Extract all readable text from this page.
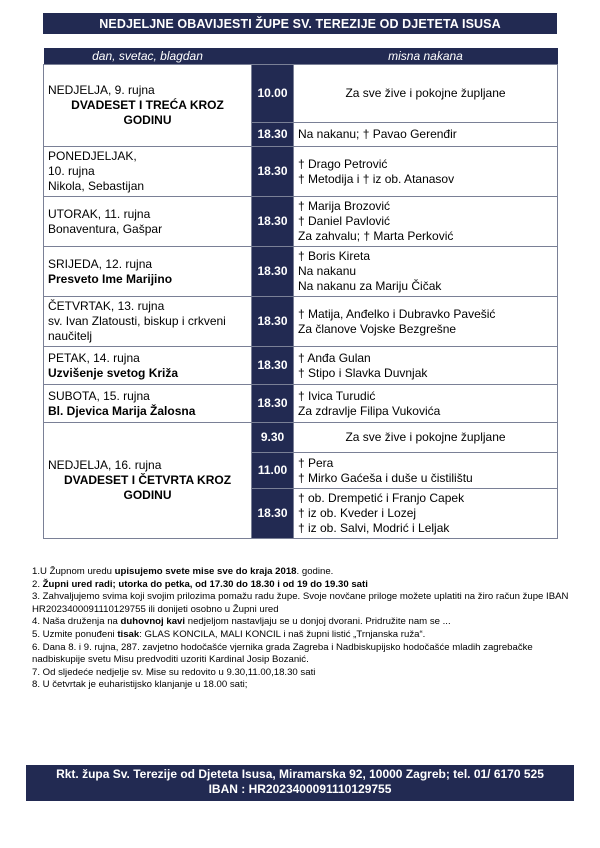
NEDJELJNE OBAVIJESTI ŽUPE SV. TEREZIJE OD DJETETA ISUSA
dan, svetac, blagdan		misna nakana
NEDJELJA, 9. rujna
DVADESET I TREĆA KROZ GODINU	10.00	Za sve žive i pokojne župljane
	18.30	Na nakanu; † Pavao Gerenđir
PONEDJELJAK,
10. rujna
Nikola, Sebastijan	18.30	† Drago Petrović
† Metodija i † iz ob. Atanasov
UTORAK, 11. rujna
Bonaventura, Gašpar	18.30	† Marija Brozović
† Daniel Pavlović
Za zahvalu; † Marta Perković
SRIJEDA, 12. rujna
Presveto Ime Marijino	18.30	† Boris Kireta
Na nakanu
Na nakanu za Mariju Čičak
ČETVRTAK, 13. rujna
sv. Ivan Zlatousti, biskup i crkveni naučitelj	18.30	† Matija, Anđelko i Dubravko Pavešić
Za članove Vojske Bezgrešne
PETAK, 14. rujna
Uzvišenje svetog Križa	18.30	† Anđa Gulan
† Stipo i Slavka Duvnjak
SUBOTA, 15. rujna
Bl. Djevica Marija Žalosna	18.30	† Ivica Turudić
Za zdravlje Filipa Vukovića
NEDJELJA, 16. rujna
DVADESET I ČETVRTA KROZ GODINU	9.30	Za sve žive i pokojne župljane
	11.00	† Pera
† Mirko Gaćeša i duše u čistilištu
	18.30	† ob. Drempetić i Franjo Capek
† iz ob. Kveder i Lozej
† iz ob. Salvi, Modrić i Leljak

1.U Župnom uredu upisujemo svete mise sve do kraja 2018. godine.

2. Župni ured radi; utorka do petka, od 17.30 do 18.30 i od 19 do 19.30 sati

3. Zahvaljujemo svima koji svojim prilozima pomažu radu župe. Svoje novčane priloge možete uplatiti na žiro račun župe IBAN HR2023400091110129755 ili donijeti osobno u Župni ured

4. Naša druženja na duhovnoj kavi nedjeljom nastavljaju se u donjoj dvorani. Pridružite nam se ...

5. Uzmite ponuđeni tisak: GLAS KONCILA, MALI KONCIL i naš župni listić „Trnjanska ruža“.

6. Dana 8. i 9. rujna, 287. zavjetno hodočašće vjernika grada Zagreba i Nadbiskupijsko hodočašće mladih zagrebačke nadbiskupije svetu Misu predvoditi uzoriti Kardinal Josip Bozanić.

7. Od sljedeće nedjelje sv. Mise su redovito u 9.30,11.00,18.30 sati

8. U četvrtak je euharistijsko klanjanje u 18.00 sati;

Rkt. župa Sv. Terezije od Djeteta Isusa, Miramarska 92, 10000 Zagreb; tel. 01/ 6170 525
IBAN : HR2023400091110129755
